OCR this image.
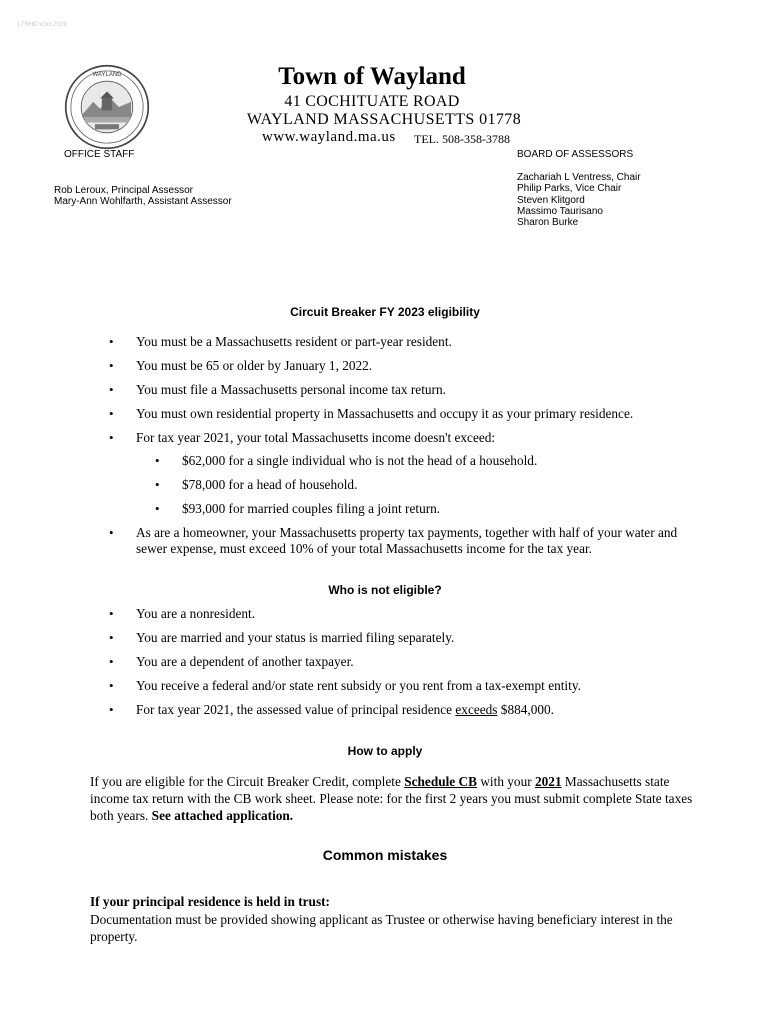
LTRHD vOct 2019
WAYLAND	Town of Wayland
41 COCHITUATE ROAD
WAYLAND MASSACHUSETTS 01778
www.wayland.ma.us TEL. 508-358-3788
OFFICE STAFF
Rob Leroux, Principal Assessor
Mary-Ann Wohlfarth, Assistant Assessor
BOARD OF ASSESSORS
Zachariah L Ventress, Chair
Philip Parks, Vice Chair
Steven Klitgord
Massimo Taurisano
Sharon Burke
Circuit Breaker FY 2023 eligibility
• You must be a Massachusetts resident or part-year resident.
• You must be 65 or older by January 1, 2022.
• You must file a Massachusetts personal income tax return.
• You must own residential property in Massachusetts and occupy it as your primary residence.
• For tax year 2021, your total Massachusetts income doesn't exceed:
• $62,000 for a single individual who is not the head of a household.
• $78,000 for a head of household.
• $93,000 for married couples filing a joint return.
• As are a homeowner, your Massachusetts property tax payments, together with half of your water and sewer expense, must exceed 10% of your total Massachusetts income for the tax year.
Who is not eligible?
• You are a nonresident.
• You are married and your status is married filing separately.
• You are a dependent of another taxpayer.
• You receive a federal and/or state rent subsidy or you rent from a tax-exempt entity.
• For tax year 2021, the assessed value of principal residence exceeds $884,000.
How to apply
If you are eligible for the Circuit Breaker Credit, complete Schedule CB with your 2021 Massachusetts state income tax return with the CB work sheet. Please note: for the first 2 years you must submit complete State taxes both years. See attached application.
Common mistakes
If your principal residence is held in trust:
Documentation must be provided showing applicant as Trustee or otherwise having beneficiary interest in the property.
